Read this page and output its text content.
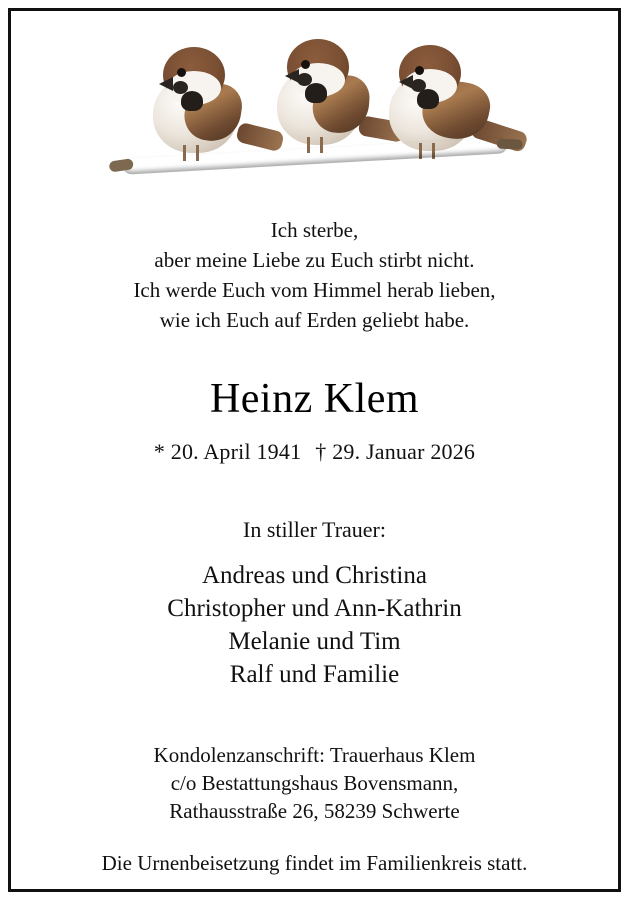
Ich sterbe,
aber meine Liebe zu Euch stirbt nicht.
Ich werde Euch vom Himmel herab lieben,
wie ich Euch auf Erden geliebt habe.
Heinz Klem
* 20. April 1941 † 29. Januar 2026
In stiller Trauer:
Andreas und Christina
Christopher und Ann-Kathrin
Melanie und Tim
Ralf und Familie
Kondolenzanschrift: Trauerhaus Klem
c/o Bestattungshaus Bovensmann,
Rathausstraße 26, 58239 Schwerte
Die Urnenbeisetzung findet im Familienkreis statt.
